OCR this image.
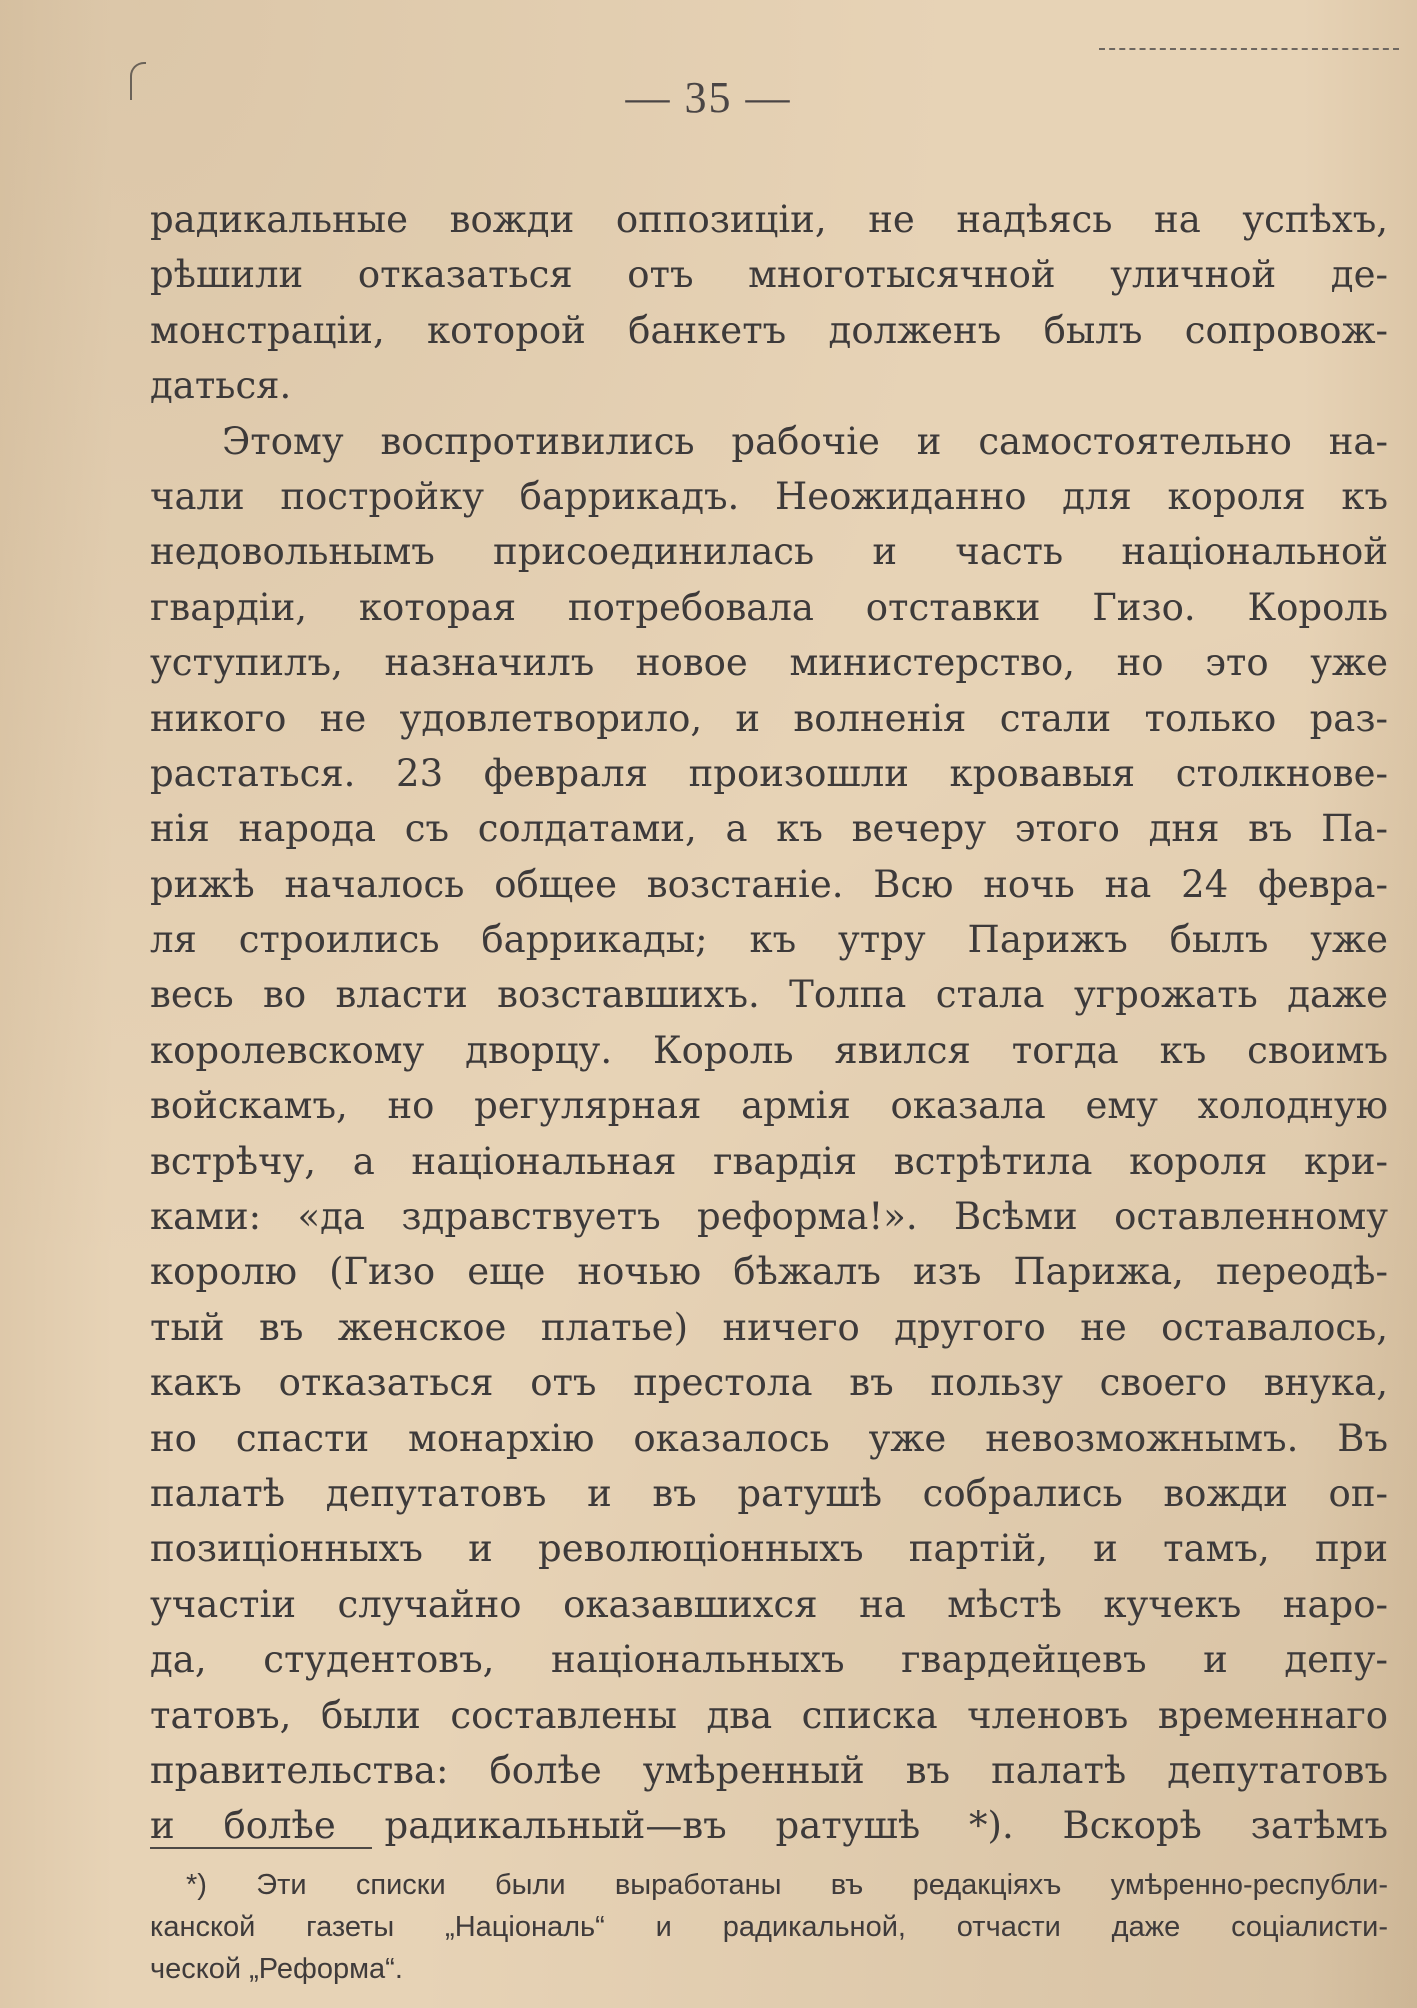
— 35 —
радикальные вожди оппозиціи, не надѣясь на успѣхъ,
рѣшили отказаться отъ многотысячной уличной де-
монстраціи, которой банкетъ долженъ былъ сопровож-
даться.
Этому воспротивились рабочіе и самостоятельно на-
чали постройку баррикадъ. Неожиданно для короля къ
недовольнымъ присоединилась и часть національной
гвардіи, которая потребовала отставки Гизо. Король
уступилъ, назначилъ новое министерство, но это уже
никого не удовлетворило, и волненія стали только раз-
растаться. 23 февраля произошли кровавыя столкнове-
нія народа съ солдатами, а къ вечеру этого дня въ Па-
рижѣ началось общее возстаніе. Всю ночь на 24 февра-
ля строились баррикады; къ утру Парижъ былъ уже
весь во власти возставшихъ. Толпа стала угрожать даже
королевскому дворцу. Король явился тогда къ своимъ
войскамъ, но регулярная армія оказала ему холодную
встрѣчу, а національная гвардія встрѣтила короля кри-
ками: «да здравствуетъ реформа!». Всѣми оставленному
королю (Гизо еще ночью бѣжалъ изъ Парижа, переодѣ-
тый въ женское платье) ничего другого не оставалось,
какъ отказаться отъ престола въ пользу своего внука,
но спасти монархію оказалось уже невозможнымъ. Въ
палатѣ депутатовъ и въ ратушѣ собрались вожди оп-
позиціонныхъ и революціонныхъ партій, и тамъ, при
участіи случайно оказавшихся на мѣстѣ кучекъ наро-
да, студентовъ, національныхъ гвардейцевъ и депу-
татовъ, были составлены два списка членовъ временнаго
правительства: болѣе умѣренный въ палатѣ депутатовъ
и болѣе радикальный—въ ратушѣ *). Вскорѣ затѣмъ
*) Эти списки были выработаны въ редакціяхъ умѣренно-республи-
канской газеты „Національ“ и радикальной, отчасти даже соціалисти-
ческой „Реформа“.
